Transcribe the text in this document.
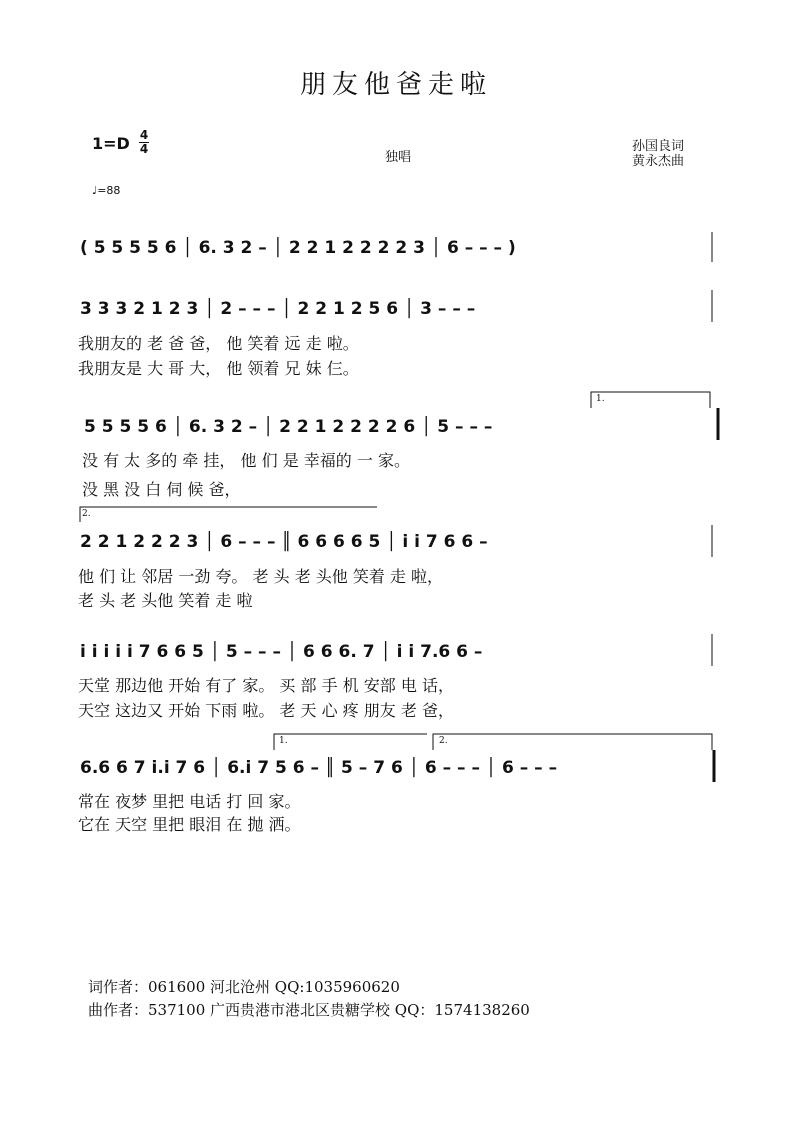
朋友他爸走啦
1=D 4
4
♩=88
独唱
孙国良词
黄永杰曲
( 5 5 5 5 6 │ 6. 3 2 – │ 2 2 1 2 2 2 2 3 │ 6 – – – )
3 3 3 2 1 2 3 │ 2 – – – │ 2 2 1 2 5 6 │ 3 – – –
我朋友的 老 爸 爸， 他 笑着 远 走 啦。
我朋友是 大 哥 大， 他 领着 兄 妹 仨。
1.
5 5 5 5 6 │ 6. 3 2 – │ 2 2 1 2 2 2 2 6 │ 5 – – –
没 有 太 多的 牵 挂， 他 们 是 幸福的 一 家。
没 黑 没 白 伺 候 爸，
2.
2 2 1 2 2 2 3 │ 6 – – – ║ 6 6 6 6 5 │ i i 7 6 6 –
他 们 让 邻居 一劲 夸。 老 头 老 头他 笑着 走 啦，
老 头 老 头他 笑着 走 啦
i i i i i 7 6 6 5 │ 5 – – – │ 6 6 6. 7 │ i i 7.6 6 –
天堂 那边他 开始 有了 家。 买 部 手 机 安部 电 话，
天空 这边又 开始 下雨 啦。 老 天 心 疼 朋友 老 爸，
1.	2.
6.6 6 7 i.i 7 6 │ 6.i 7 5 6 – ║ 5 – 7 6 │ 6 – – – │ 6 – – –
常在 夜梦 里把 电话 打 回 家。
它在 天空 里把 眼泪 在 抛 洒。
词作者：061600 河北沧州 QQ:1035960620
曲作者：537100 广西贵港市港北区贵糖学校 QQ：1574138260
